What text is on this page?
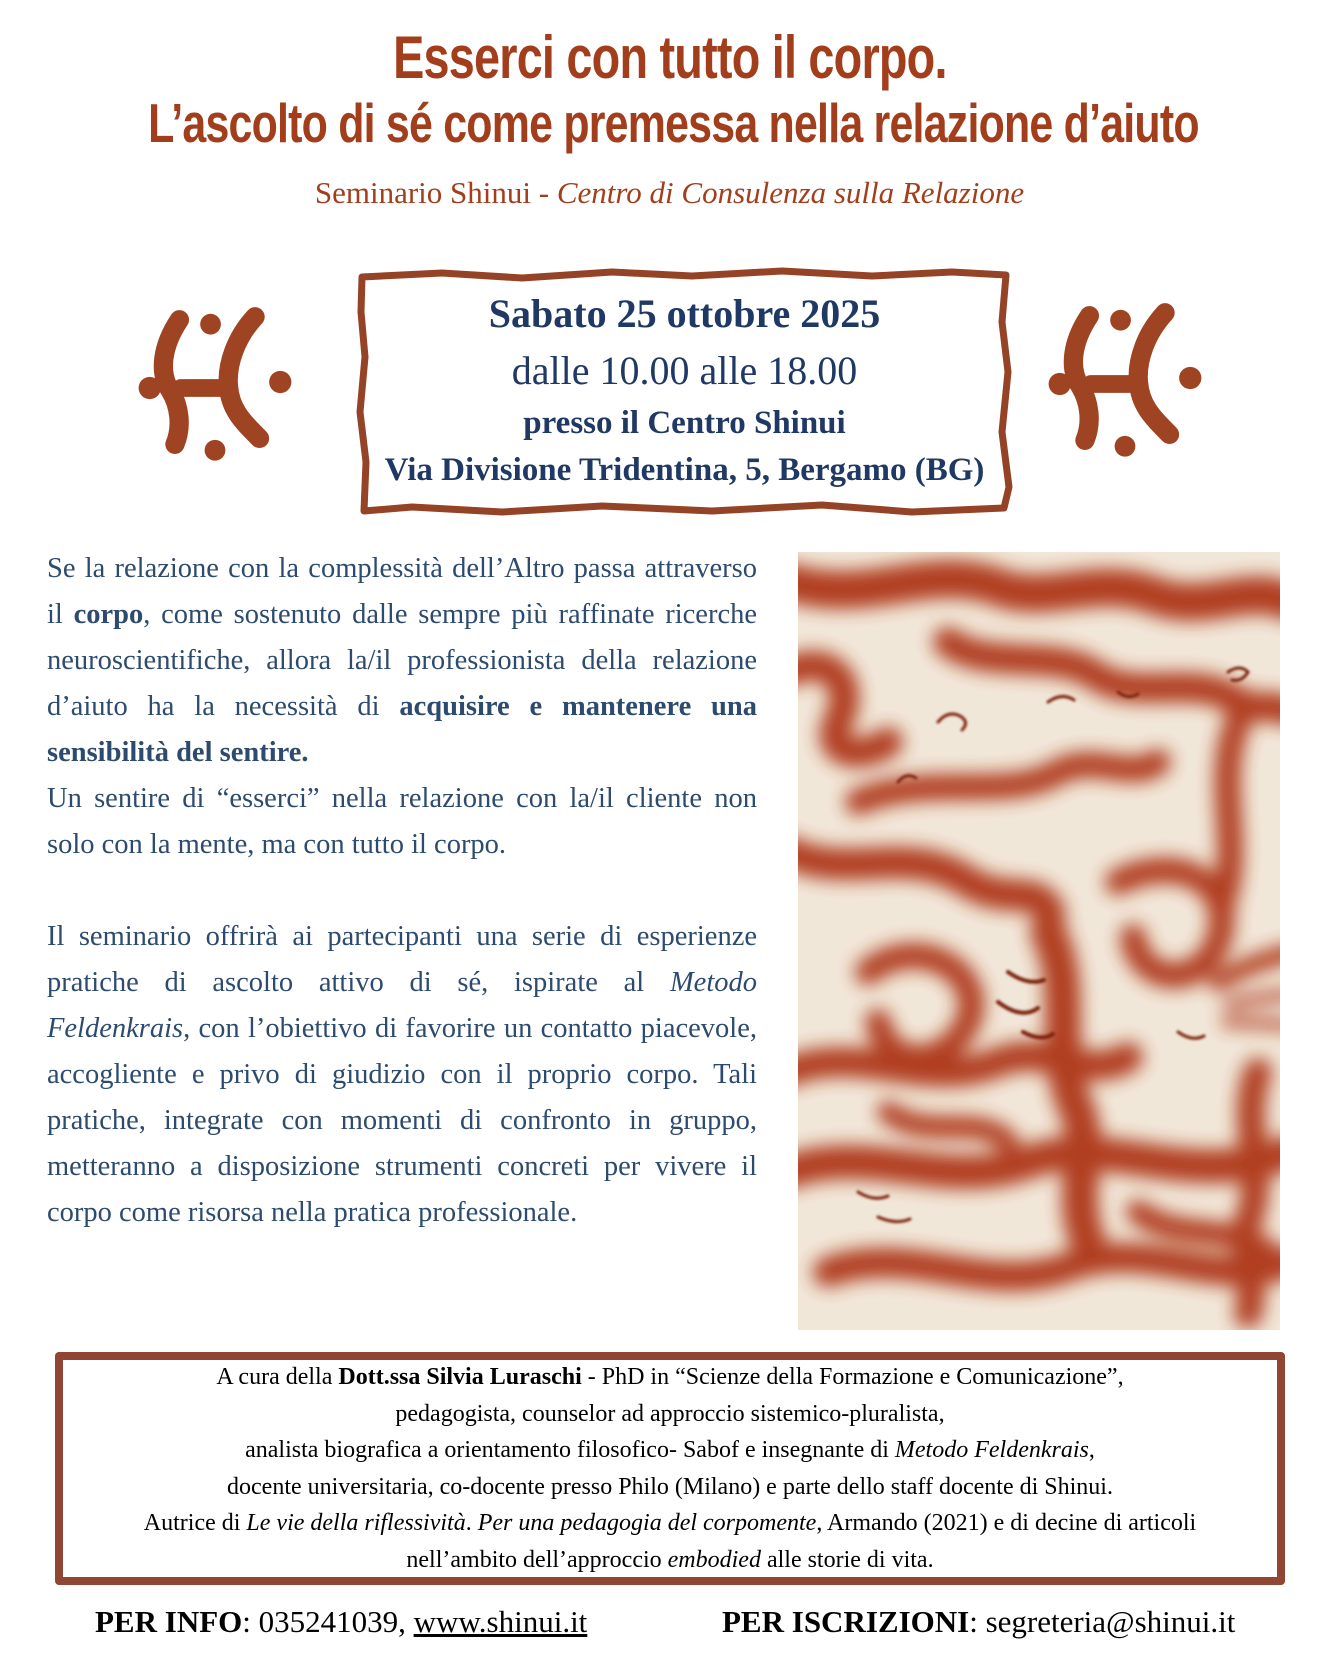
Esserci con tutto il corpo.
L’ascolto di sé come premessa nella relazione d’aiuto
Seminario Shinui - Centro di Consulenza sulla Relazione
Sabato 25 ottobre 2025
dalle 10.00 alle 18.00
presso il Centro Shinui
Via Divisione Tridentina, 5, Bergamo (BG)

Se la relazione con la complessità dell’Altro passa attraverso il corpo, come sostenuto dalle sempre più raffinate ricerche neuroscientifiche, allora la/il professionista della relazione d’aiuto ha la necessità di acquisire e mantenere una sensibilità del sentire.
Un sentire di “esserci” nella relazione con la/il cliente non solo con la mente, ma con tutto il corpo.

Il seminario offrirà ai partecipanti una serie di esperienze pratiche di ascolto attivo di sé, ispirate al Metodo Feldenkrais, con l’obiettivo di favorire un contatto piacevole, accogliente e privo di giudizio con il proprio corpo. Tali pratiche, integrate con momenti di confronto in gruppo, metteranno a disposizione strumenti concreti per vivere il corpo come risorsa nella pratica professionale.

A cura della Dott.ssa Silvia Luraschi - PhD in “Scienze della Formazione e Comunicazione”,
pedagogista, counselor ad approccio sistemico-pluralista,
analista biografica a orientamento filosofico- Sabof e insegnante di Metodo Feldenkrais,
docente universitaria, co-docente presso Philo (Milano) e parte dello staff docente di Shinui.
Autrice di Le vie della riflessività. Per una pedagogia del corpomente, Armando (2021) e di decine di articoli
nell’ambito dell’approccio embodied alle storie di vita.
PER INFO: 035241039, www.shinui.it	PER ISCRIZIONI: segreteria@shinui.it
